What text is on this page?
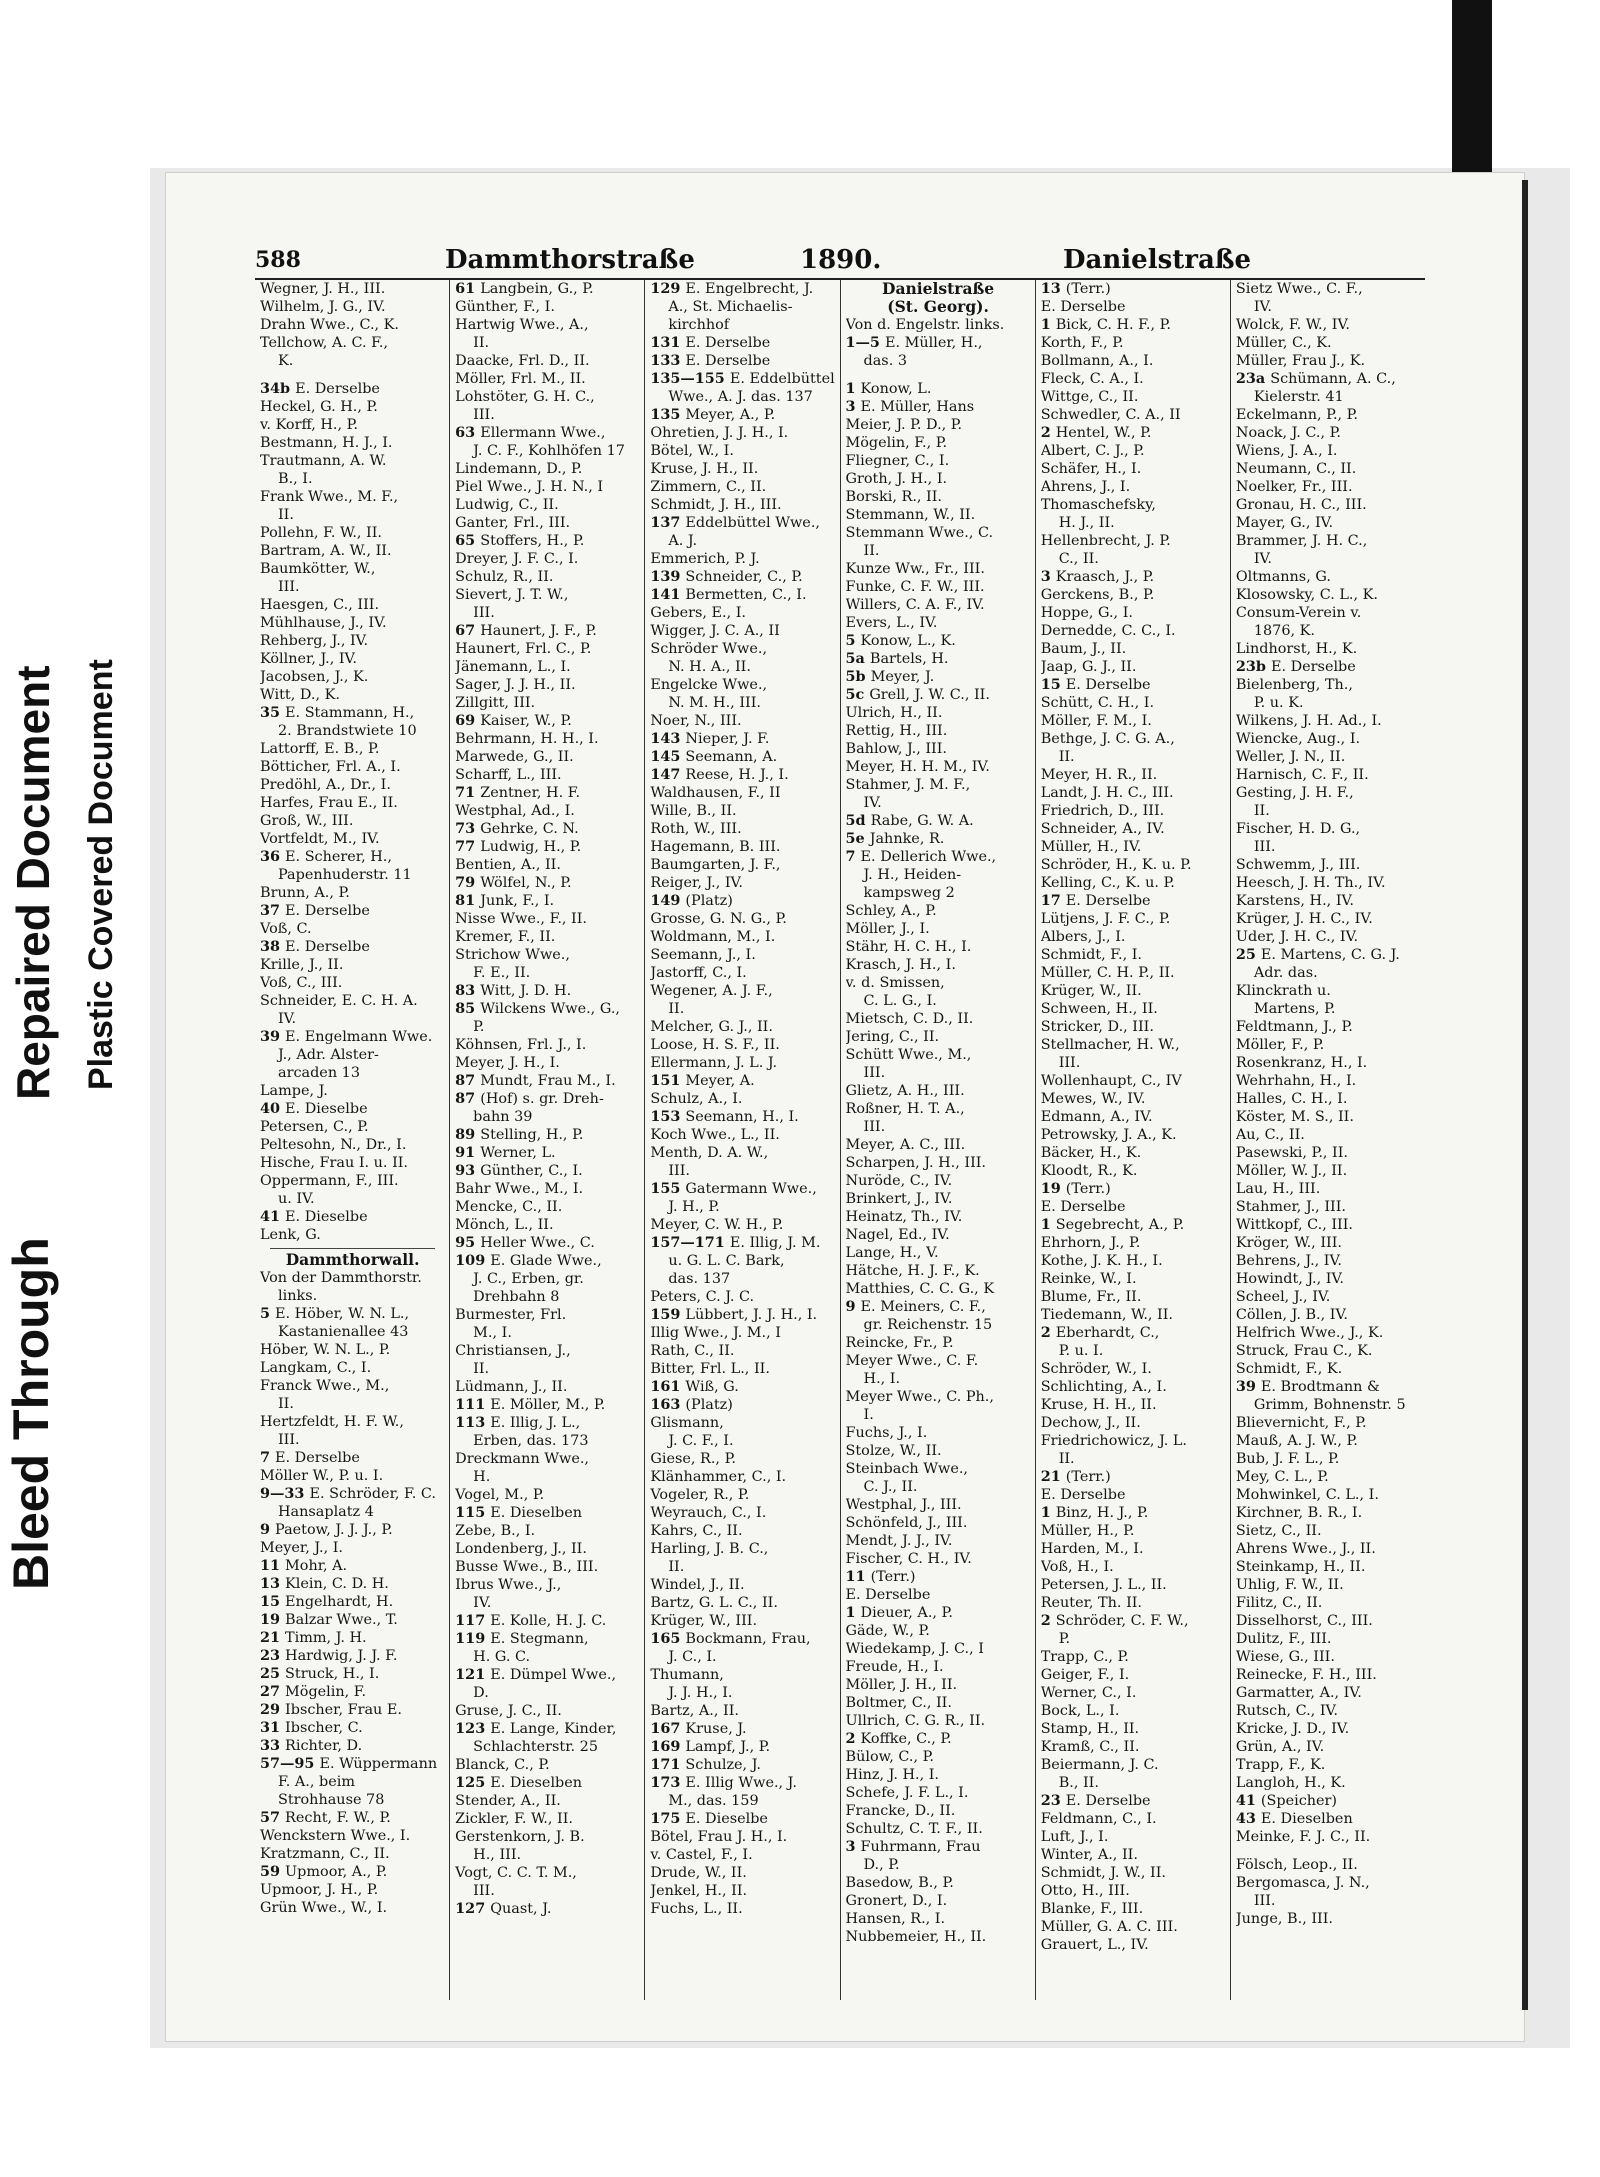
Bleed Through
Repaired Document Plastic Covered Document
588	Dammthorstraße	1890.	Danielstraße
Wegner, J. H., III.
Wilhelm, J. G., IV.
Drahn Wwe., C., K.
Tellchow, A. C. F.,
K.
34b E. Derselbe
Heckel, G. H., P.
v. Korff, H., P.
Bestmann, H. J., I.
Trautmann, A. W.
B., I.
Frank Wwe., M. F.,
II.
Pollehn, F. W., II.
Bartram, A. W., II.
Baumkötter, W.,
III.
Haesgen, C., III.
Mühlhause, J., IV.
Rehberg, J., IV.
Köllner, J., IV.
Jacobsen, J., K.
Witt, D., K.
35 E. Stammann, H.,
2. Brandstwiete 10
Lattorff, E. B., P.
Bötticher, Frl. A., I.
Predöhl, A., Dr., I.
Harfes, Frau E., II.
Groß, W., III.
Vortfeldt, M., IV.
36 E. Scherer, H.,
Papenhuderstr. 11
Brunn, A., P.
37 E. Derselbe
Voß, C.
38 E. Derselbe
Krille, J., II.
Voß, C., III.
Schneider, E. C. H. A.
IV.
39 E. Engelmann Wwe.
J., Adr. Alster-
arcaden 13
Lampe, J.
40 E. Dieselbe
Petersen, C., P.
Peltesohn, N., Dr., I.
Hische, Frau I. u. II.
Oppermann, F., III.
u. IV.
41 E. Dieselbe
Lenk, G.
Dammthorwall.
Von der Dammthorstr.
links.
5 E. Höber, W. N. L.,
Kastanienallee 43
Höber, W. N. L., P.
Langkam, C., I.
Franck Wwe., M.,
II.
Hertzfeldt, H. F. W.,
III.
7 E. Derselbe
Möller W., P. u. I.
9—33 E. Schröder, F. C.
Hansaplatz 4
9 Paetow, J. J. J., P.
Meyer, J., I.
11 Mohr, A.
13 Klein, C. D. H.
15 Engelhardt, H.
19 Balzar Wwe., T.
21 Timm, J. H.
23 Hardwig, J. J. F.
25 Struck, H., I.
27 Mögelin, F.
29 Ibscher, Frau E.
31 Ibscher, C.
33 Richter, D.
57—95 E. Wüppermann
F. A., beim
Strohhause 78
57 Recht, F. W., P.
Wenckstern Wwe., I.
Kratzmann, C., II.
59 Upmoor, A., P.
Upmoor, J. H., P.
Grün Wwe., W., I.
61 Langbein, G., P.
Günther, F., I.
Hartwig Wwe., A.,
II.
Daacke, Frl. D., II.
Möller, Frl. M., II.
Lohstöter, G. H. C.,
III.
63 Ellermann Wwe.,
J. C. F., Kohlhöfen 17
Lindemann, D., P.
Piel Wwe., J. H. N., I
Ludwig, C., II.
Ganter, Frl., III.
65 Stoffers, H., P.
Dreyer, J. F. C., I.
Schulz, R., II.
Sievert, J. T. W.,
III.
67 Haunert, J. F., P.
Haunert, Frl. C., P.
Jänemann, L., I.
Sager, J. J. H., II.
Zillgitt, III.
69 Kaiser, W., P.
Behrmann, H. H., I.
Marwede, G., II.
Scharff, L., III.
71 Zentner, H. F.
Westphal, Ad., I.
73 Gehrke, C. N.
77 Ludwig, H., P.
Bentien, A., II.
79 Wölfel, N., P.
81 Junk, F., I.
Nisse Wwe., F., II.
Kremer, F., II.
Strichow Wwe.,
F. E., II.
83 Witt, J. D. H.
85 Wilckens Wwe., G.,
P.
Köhnsen, Frl. J., I.
Meyer, J. H., I.
87 Mundt, Frau M., I.
87 (Hof) s. gr. Dreh-
bahn 39
89 Stelling, H., P.
91 Werner, L.
93 Günther, C., I.
Bahr Wwe., M., I.
Mencke, C., II.
Mönch, L., II.
95 Heller Wwe., C.
109 E. Glade Wwe.,
J. C., Erben, gr.
Drehbahn 8
Burmester, Frl.
M., I.
Christiansen, J.,
II.
Lüdmann, J., II.
111 E. Möller, M., P.
113 E. Illig, J. L.,
Erben, das. 173
Dreckmann Wwe.,
H.
Vogel, M., P.
115 E. Dieselben
Zebe, B., I.
Londenberg, J., II.
Busse Wwe., B., III.
Ibrus Wwe., J.,
IV.
117 E. Kolle, H. J. C.
119 E. Stegmann,
H. G. C.
121 E. Dümpel Wwe.,
D.
Gruse, J. C., II.
123 E. Lange, Kinder,
Schlachterstr. 25
Blanck, C., P.
125 E. Dieselben
Stender, A., II.
Zickler, F. W., II.
Gerstenkorn, J. B.
H., III.
Vogt, C. C. T. M.,
III.
127 Quast, J.
129 E. Engelbrecht, J.
A., St. Michaelis-
kirchhof
131 E. Derselbe
133 E. Derselbe
135—155 E. Eddelbüttel
Wwe., A. J. das. 137
135 Meyer, A., P.
Ohretien, J. J. H., I.
Bötel, W., I.
Kruse, J. H., II.
Zimmern, C., II.
Schmidt, J. H., III.
137 Eddelbüttel Wwe.,
A. J.
Emmerich, P. J.
139 Schneider, C., P.
141 Bermetten, C., I.
Gebers, E., I.
Wigger, J. C. A., II
Schröder Wwe.,
N. H. A., II.
Engelcke Wwe.,
N. M. H., III.
Noer, N., III.
143 Nieper, J. F.
145 Seemann, A.
147 Reese, H. J., I.
Waldhausen, F., II
Wille, B., II.
Roth, W., III.
Hagemann, B. III.
Baumgarten, J. F.,
Reiger, J., IV.
149 (Platz)
Grosse, G. N. G., P.
Woldmann, M., I.
Seemann, J., I.
Jastorff, C., I.
Wegener, A. J. F.,
II.
Melcher, G. J., II.
Loose, H. S. F., II.
Ellermann, J. L. J.
151 Meyer, A.
Schulz, A., I.
153 Seemann, H., I.
Koch Wwe., L., II.
Menth, D. A. W.,
III.
155 Gatermann Wwe.,
J. H., P.
Meyer, C. W. H., P.
157—171 E. Illig, J. M.
u. G. L. C. Bark,
das. 137
Peters, C. J. C.
159 Lübbert, J. J. H., I.
Illig Wwe., J. M., I
Rath, C., II.
Bitter, Frl. L., II.
161 Wiß, G.
163 (Platz)
Glismann,
J. C. F., I.
Giese, R., P.
Klänhammer, C., I.
Vogeler, R., P.
Weyrauch, C., I.
Kahrs, C., II.
Harling, J. B. C.,
II.
Windel, J., II.
Bartz, G. L. C., II.
Krüger, W., III.
165 Bockmann, Frau,
J. C., I.
Thumann,
J. J. H., I.
Bartz, A., II.
167 Kruse, J.
169 Lampf, J., P.
171 Schulze, J.
173 E. Illig Wwe., J.
M., das. 159
175 E. Dieselbe
Bötel, Frau J. H., I.
v. Castel, F., I.
Drude, W., II.
Jenkel, H., II.
Fuchs, L., II.
Danielstraße
(St. Georg).
Von d. Engelstr. links.
1—5 E. Müller, H.,
das. 3
1 Konow, L.
3 E. Müller, Hans
Meier, J. P. D., P.
Mögelin, F., P.
Fliegner, C., I.
Groth, J. H., I.
Borski, R., II.
Stemmann, W., II.
Stemmann Wwe., C.
II.
Kunze Ww., Fr., III.
Funke, C. F. W., III.
Willers, C. A. F., IV.
Evers, L., IV.
5 Konow, L., K.
5a Bartels, H.
5b Meyer, J.
5c Grell, J. W. C., II.
Ulrich, H., II.
Rettig, H., III.
Bahlow, J., III.
Meyer, H. H. M., IV.
Stahmer, J. M. F.,
IV.
5d Rabe, G. W. A.
5e Jahnke, R.
7 E. Dellerich Wwe.,
J. H., Heiden-
kampsweg 2
Schley, A., P.
Möller, J., I.
Stähr, H. C. H., I.
Krasch, J. H., I.
v. d. Smissen,
C. L. G., I.
Mietsch, C. D., II.
Jering, C., II.
Schütt Wwe., M.,
III.
Glietz, A. H., III.
Roßner, H. T. A.,
III.
Meyer, A. C., III.
Scharpen, J. H., III.
Nuröde, C., IV.
Brinkert, J., IV.
Heinatz, Th., IV.
Nagel, Ed., IV.
Lange, H., V.
Hätche, H. J. F., K.
Matthies, C. C. G., K
9 E. Meiners, C. F.,
gr. Reichenstr. 15
Reincke, Fr., P.
Meyer Wwe., C. F.
H., I.
Meyer Wwe., C. Ph.,
I.
Fuchs, J., I.
Stolze, W., II.
Steinbach Wwe.,
C. J., II.
Westphal, J., III.
Schönfeld, J., III.
Mendt, J. J., IV.
Fischer, C. H., IV.
11 (Terr.)
E. Derselbe
1 Dieuer, A., P.
Gäde, W., P.
Wiedekamp, J. C., I
Freude, H., I.
Möller, J. H., II.
Boltmer, C., II.
Ullrich, C. G. R., II.
2 Koffke, C., P.
Bülow, C., P.
Hinz, J. H., I.
Schefe, J. F. L., I.
Francke, D., II.
Schultz, C. T. F., II.
3 Fuhrmann, Frau
D., P.
Basedow, B., P.
Gronert, D., I.
Hansen, R., I.
Nubbemeier, H., II.
13 (Terr.)
E. Derselbe
1 Bick, C. H. F., P.
Korth, F., P.
Bollmann, A., I.
Fleck, C. A., I.
Wittge, C., II.
Schwedler, C. A., II
2 Hentel, W., P.
Albert, C. J., P.
Schäfer, H., I.
Ahrens, J., I.
Thomaschefsky,
H. J., II.
Hellenbrecht, J. P.
C., II.
3 Kraasch, J., P.
Gerckens, B., P.
Hoppe, G., I.
Dernedde, C. C., I.
Baum, J., II.
Jaap, G. J., II.
15 E. Derselbe
Schütt, C. H., I.
Möller, F. M., I.
Bethge, J. C. G. A.,
II.
Meyer, H. R., II.
Landt, J. H. C., III.
Friedrich, D., III.
Schneider, A., IV.
Müller, H., IV.
Schröder, H., K. u. P.
Kelling, C., K. u. P.
17 E. Derselbe
Lütjens, J. F. C., P.
Albers, J., I.
Schmidt, F., I.
Müller, C. H. P., II.
Krüger, W., II.
Schween, H., II.
Stricker, D., III.
Stellmacher, H. W.,
III.
Wollenhaupt, C., IV
Mewes, W., IV.
Edmann, A., IV.
Petrowsky, J. A., K.
Bäcker, H., K.
Kloodt, R., K.
19 (Terr.)
E. Derselbe
1 Segebrecht, A., P.
Ehrhorn, J., P.
Kothe, J. K. H., I.
Reinke, W., I.
Blume, Fr., II.
Tiedemann, W., II.
2 Eberhardt, C.,
P. u. I.
Schröder, W., I.
Schlichting, A., I.
Kruse, H. H., II.
Dechow, J., II.
Friedrichowicz, J. L.
II.
21 (Terr.)
E. Derselbe
1 Binz, H. J., P.
Müller, H., P.
Harden, M., I.
Voß, H., I.
Petersen, J. L., II.
Reuter, Th. II.
2 Schröder, C. F. W.,
P.
Trapp, C., P.
Geiger, F., I.
Werner, C., I.
Bock, L., I.
Stamp, H., II.
Kramß, C., II.
Beiermann, J. C.
B., II.
23 E. Derselbe
Feldmann, C., I.
Luft, J., I.
Winter, A., II.
Schmidt, J. W., II.
Otto, H., III.
Blanke, F., III.
Müller, G. A. C. III.
Grauert, L., IV.
Sietz Wwe., C. F.,
IV.
Wolck, F. W., IV.
Müller, C., K.
Müller, Frau J., K.
23a Schümann, A. C.,
Kielerstr. 41
Eckelmann, P., P.
Noack, J. C., P.
Wiens, J. A., I.
Neumann, C., II.
Noelker, Fr., III.
Gronau, H. C., III.
Mayer, G., IV.
Brammer, J. H. C.,
IV.
Oltmanns, G.
Klosowsky, C. L., K.
Consum-Verein v.
1876, K.
Lindhorst, H., K.
23b E. Derselbe
Bielenberg, Th.,
P. u. K.
Wilkens, J. H. Ad., I.
Wiencke, Aug., I.
Weller, J. N., II.
Harnisch, C. F., II.
Gesting, J. H. F.,
II.
Fischer, H. D. G.,
III.
Schwemm, J., III.
Heesch, J. H. Th., IV.
Karstens, H., IV.
Krüger, J. H. C., IV.
Uder, J. H. C., IV.
25 E. Martens, C. G. J.
Adr. das.
Klinckrath u.
Martens, P.
Feldtmann, J., P.
Möller, F., P.
Rosenkranz, H., I.
Wehrhahn, H., I.
Halles, C. H., I.
Köster, M. S., II.
Au, C., II.
Pasewski, P., II.
Möller, W. J., II.
Lau, H., III.
Stahmer, J., III.
Wittkopf, C., III.
Kröger, W., III.
Behrens, J., IV.
Howindt, J., IV.
Scheel, J., IV.
Cöllen, J. B., IV.
Helfrich Wwe., J., K.
Struck, Frau C., K.
Schmidt, F., K.
39 E. Brodtmann &
Grimm, Bohnenstr. 5
Blievernicht, F., P.
Mauß, A. J. W., P.
Bub, J. F. L., P.
Mey, C. L., P.
Mohwinkel, C. L., I.
Kirchner, B. R., I.
Sietz, C., II.
Ahrens Wwe., J., II.
Steinkamp, H., II.
Uhlig, F. W., II.
Filitz, C., II.
Disselhorst, C., III.
Dulitz, F., III.
Wiese, G., III.
Reinecke, F. H., III.
Garmatter, A., IV.
Rutsch, C., IV.
Kricke, J. D., IV.
Grün, A., IV.
Trapp, F., K.
Langloh, H., K.
41 (Speicher)
43 E. Dieselben
Meinke, F. J. C., II.
Fölsch, Leop., II.
Bergomasca, J. N.,
III.
Junge, B., III.
